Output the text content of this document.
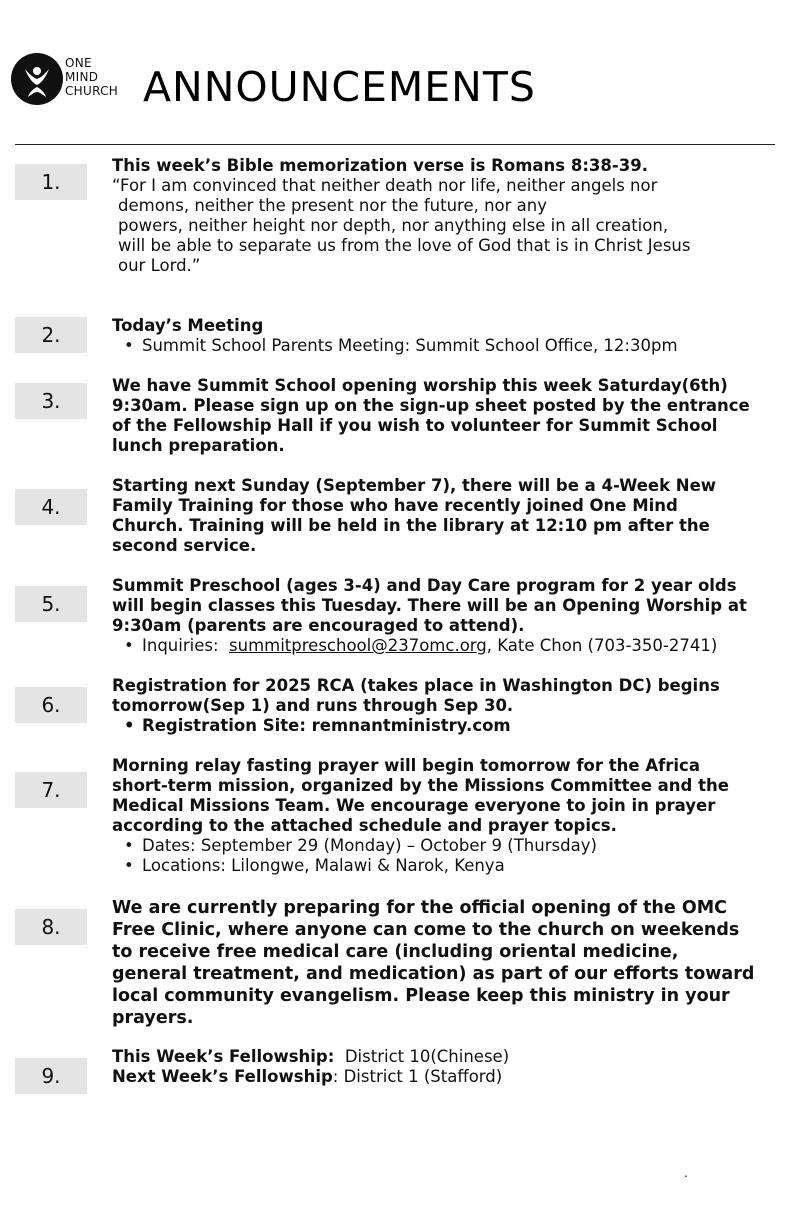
ONE
MIND
CHURCH ANNOUNCEMENTS
1.
This week’s Bible memorization verse is Romans 8:38-39.
“For I am convinced that neither death nor life, neither angels nor
demons, neither the present nor the future, nor any
powers, neither height nor depth, nor anything else in all creation,
will be able to separate us from the love of God that is in Christ Jesus
our Lord.”
2.	Today’s Meeting
• Summit School Parents Meeting: Summit School Office, 12:30pm
3.
We have Summit School opening worship this week Saturday(6th)
9:30am. Please sign up on the sign-up sheet posted by the entrance
of the Fellowship Hall if you wish to volunteer for Summit School
lunch preparation.
4.
Starting next Sunday (September 7), there will be a 4-Week New
Family Training for those who have recently joined One Mind
Church. Training will be held in the library at 12:10 pm after the
second service.
5.
Summit Preschool (ages 3-4) and Day Care program for 2 year olds
will begin classes this Tuesday. There will be an Opening Worship at
9:30am (parents are encouraged to attend).
• Inquiries: summitpreschool@237omc.org, Kate Chon (703-350-2741)
6.
Registration for 2025 RCA (takes place in Washington DC) begins
tomorrow(Sep 1) and runs through Sep 30.
• Registration Site: remnantministry.com
7.
Morning relay fasting prayer will begin tomorrow for the Africa
short-term mission, organized by the Missions Committee and the
Medical Missions Team. We encourage everyone to join in prayer
according to the attached schedule and prayer topics.
• Dates: September 29 (Monday) – October 9 (Thursday)
• Locations: Lilongwe, Malawi & Narok, Kenya
8.
We are currently preparing for the official opening of the OMC
Free Clinic, where anyone can come to the church on weekends
to receive free medical care (including oriental medicine,
general treatment, and medication) as part of our efforts toward
local community evangelism. Please keep this ministry in your
prayers.
9.
This Week’s Fellowship: District 10(Chinese)
Next Week’s Fellowship: District 1 (Stafford)
.
